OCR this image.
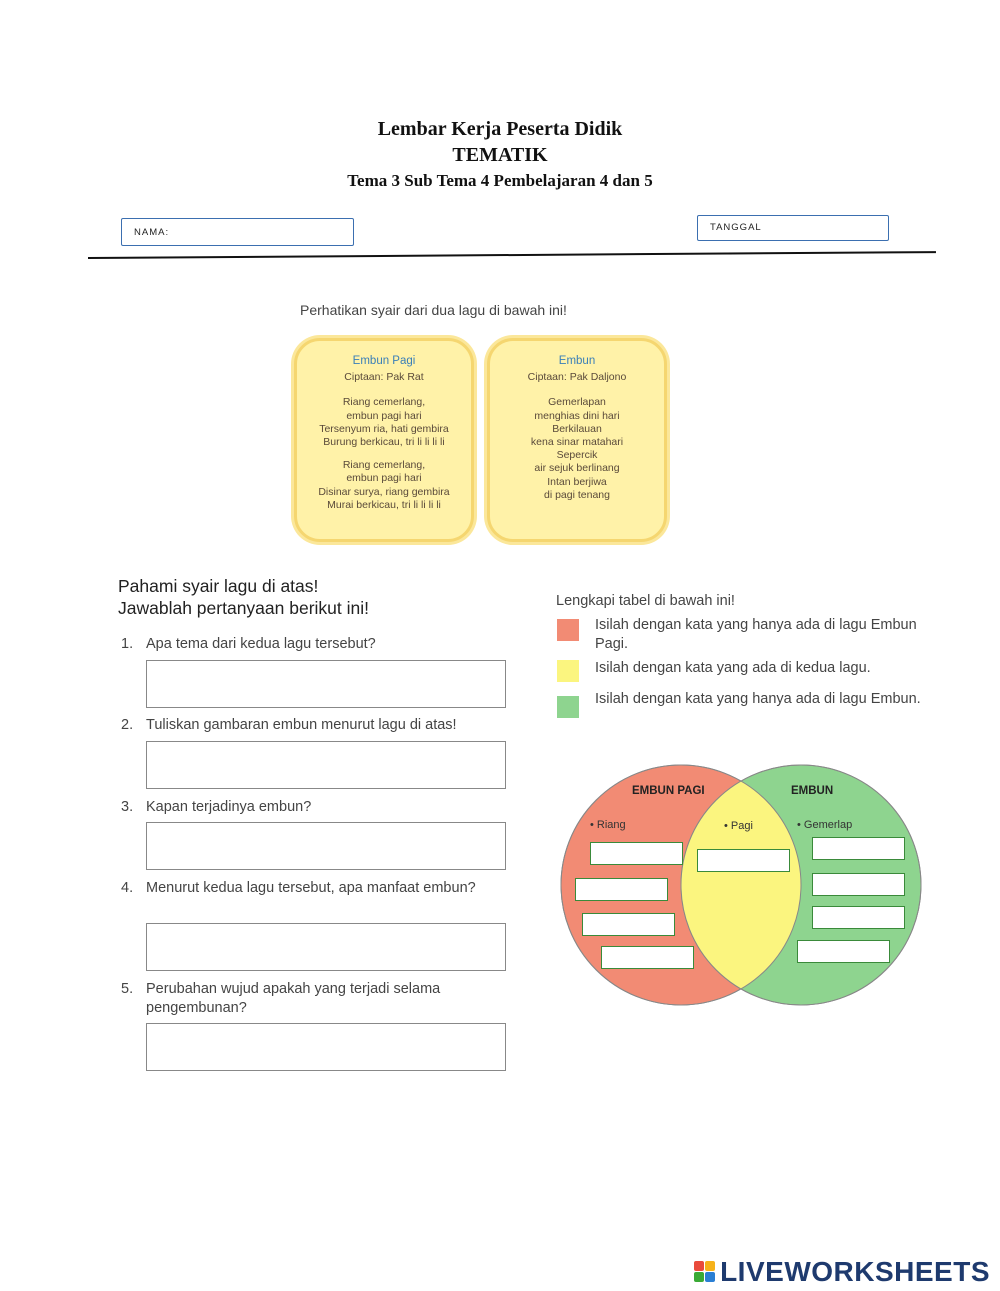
Lembar Kerja Peserta Didik
TEMATIK
Tema 3 Sub Tema 4 Pembelajaran 4 dan 5
NAMA:	TANGGAL
Perhatikan syair dari dua lagu di bawah ini!
Embun Pagi
Ciptaan: Pak Rat
Riang cemerlang,
embun pagi hari
Tersenyum ria, hati gembira
Burung berkicau, tri li li li li
Riang cemerlang,
embun pagi hari
Disinar surya, riang gembira
Murai berkicau, tri li li li li
Embun
Ciptaan: Pak Daljono
Gemerlapan
menghias dini hari
Berkilauan
kena sinar matahari
Sepercik
air sejuk berlinang
Intan berjiwa
di pagi tenang
Pahami syair lagu di atas!
Jawablah pertanyaan berikut ini!
1. Apa tema dari kedua lagu tersebut?
2. Tuliskan gambaran embun menurut lagu di atas!
3. Kapan terjadinya embun?
4. Menurut kedua lagu tersebut, apa manfaat embun?
5. Perubahan wujud apakah yang terjadi selama pengembunan?
Lengkapi tabel di bawah ini!
Isilah dengan kata yang hanya ada di lagu Embun Pagi.
Isilah dengan kata yang ada di kedua lagu.
Isilah dengan kata yang hanya ada di lagu Embun.
EMBUN PAGI	EMBUN
• Riang	• Pagi	• Gemerlap
LIVEWORKSHEETS
